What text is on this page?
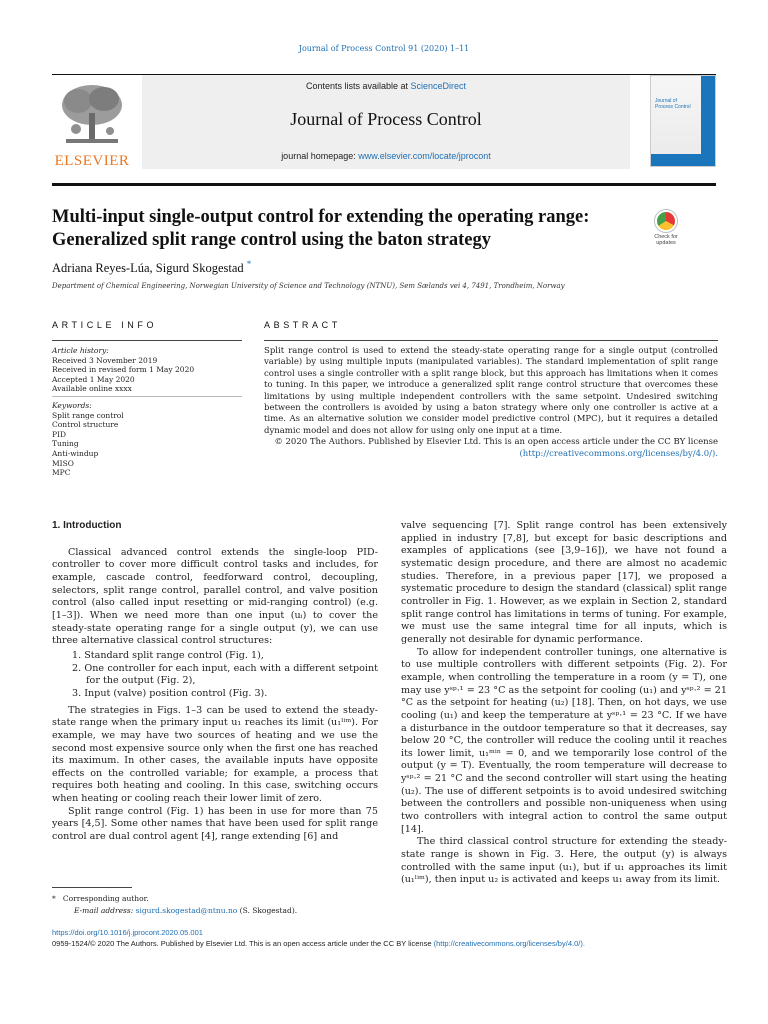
Journal of Process Control 91 (2020) 1–11
ELSEVIER
Contents lists available at ScienceDirect
Journal of Process Control
journal homepage: www.elsevier.com/locate/jprocont
Journal of
Process Control
Multi-input single-output control for extending the operating range:
Generalized split range control using the baton strategy	Check for updates
Adriana Reyes-Lúa, Sigurd Skogestad *
Department of Chemical Engineering, Norwegian University of Science and Technology (NTNU), Sem Sælands vei 4, 7491, Trondheim, Norway
ARTICLE INFO	ABSTRACT
Article history:
Received 3 November 2019
Received in revised form 1 May 2020
Accepted 1 May 2020
Available online xxxx
Keywords:
Split range control
Control structure
PID
Tuning
Anti-windup
MISO
MPC
Split range control is used to extend the steady-state operating range for a single output (controlled variable) by using multiple inputs (manipulated variables). The standard implementation of split range control uses a single controller with a split range block, but this approach has limitations when it comes to tuning. In this paper, we introduce a generalized split range control structure that overcomes these limitations by using multiple independent controllers with the same setpoint. Undesired switching between the controllers is avoided by using a baton strategy where only one controller is active at a time. As an alternative solution we consider model predictive control (MPC), but it requires a detailed dynamic model and does not allow for using only one input at a time.
© 2020 The Authors. Published by Elsevier Ltd. This is an open access article under the CC BY license
(http://creativecommons.org/licenses/by/4.0/).
1. Introduction

Classical advanced control extends the single-loop PID-controller to cover more difficult control tasks and includes, for example, cascade control, feedforward control, decoupling, selectors, split range control, parallel control, and valve position control (also called input resetting or mid-ranging control) (e.g. [1–3]). When we need more than one input (uᵢ) to cover the steady-state operating range for a single output (y), we can use three alternative classical control structures:

1. Standard split range control (Fig. 1),
2. One controller for each input, each with a different setpoint for the output (Fig. 2),
3. Input (valve) position control (Fig. 3).

The strategies in Figs. 1–3 can be used to extend the steady-state range when the primary input u₁ reaches its limit (u₁ˡⁱᵐ). For example, we may have two sources of heating and we use the second most expensive source only when the first one has reached its maximum. In other cases, the available inputs have opposite effects on the controlled variable; for example, a process that requires both heating and cooling. In this case, switching occurs when heating or cooling reach their lower limit of zero.

Split range control (Fig. 1) has been in use for more than 75 years [4,5]. Some other names that have been used for split range control are dual control agent [4], range extending [6] and

valve sequencing [7]. Split range control has been extensively applied in industry [7,8], but except for basic descriptions and examples of applications (see [3,9–16]), we have not found a systematic design procedure, and there are almost no academic studies. Therefore, in a previous paper [17], we proposed a systematic procedure to design the standard (classical) split range controller in Fig. 1. However, as we explain in Section 2, standard split range control has limitations in terms of tuning. For example, we must use the same integral time for all inputs, which is generally not desirable for dynamic performance.

To allow for independent controller tunings, one alternative is to use multiple controllers with different setpoints (Fig. 2). For example, when controlling the temperature in a room (y = T), one may use yˢᵖ·¹ = 23 °C as the setpoint for cooling (u₁) and yˢᵖ·² = 21 °C as the setpoint for heating (u₂) [18]. Then, on hot days, we use cooling (u₁) and keep the temperature at yˢᵖ·¹ = 23 °C. If we have a disturbance in the outdoor temperature so that it decreases, say below 20 °C, the controller will reduce the cooling until it reaches its lower limit, u₁ᵐⁱⁿ = 0, and we temporarily lose control of the output (y = T). Eventually, the room temperature will decrease to yˢᵖ·² = 21 °C and the second controller will start using the heating (u₂). The use of different setpoints is to avoid undesired switching between the controllers and possible non-uniqueness when using two controllers with integral action to control the same output [14].

The third classical control structure for extending the steady-state range is shown in Fig. 3. Here, the output (y) is always controlled with the same input (u₁), but if u₁ approaches its limit (u₁ˡⁱᵐ), then input u₂ is activated and keeps u₁ away from its limit.

* Corresponding author.
E-mail address: sigurd.skogestad@ntnu.no (S. Skogestad).
https://doi.org/10.1016/j.jprocont.2020.05.001
0959-1524/© 2020 The Authors. Published by Elsevier Ltd. This is an open access article under the CC BY license (http://creativecommons.org/licenses/by/4.0/).
